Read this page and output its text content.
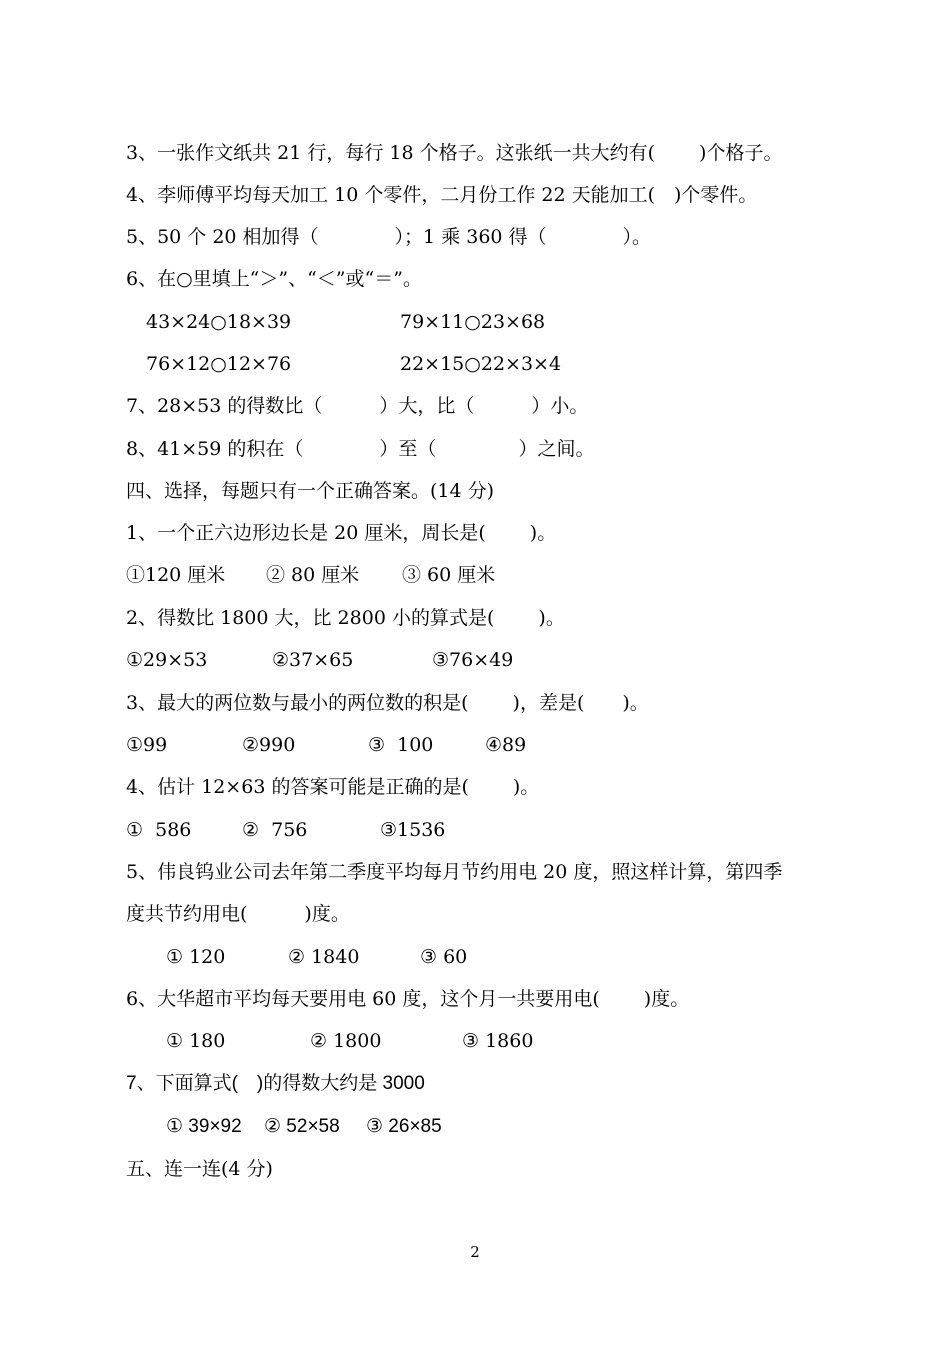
3、一张作文纸共 21 行，每行 18 个格子。这张纸一共大约有(　　 )个格子。
4、李师傅平均每天加工 10 个零件，二月份工作 22 天能加工(　)个零件。
5、50 个 20 相加得（　　　　）；1 乘 360 得（　　　　）。
6、在○里填上“＞”、“＜”或“＝”。
43×24○18×39	79×11○23×68
76×12○12×76	22×15○22×3×4
7、28×53 的得数比（　　　）大，比（　　　）小。
8、41×59 的积在（　　　　）至（　　　　 ）之间。
四、选择，每题只有一个正确答案。(14 分)
1、一个正六边形边长是 20 厘米，周长是(　　 )。
①120 厘米 ② 80 厘米 ③ 60 厘米
2、得数比 1800 大，比 2800 小的算式是(　　 )。
①29×53	②37×65	③76×49
3、最大的两位数与最小的两位数的积是(　　 )，差是(　　)。
①99	②990	③  100	④89
4、估计 12×63 的答案可能是正确的是(　　 )。
①  586	②  756	③1536
5、伟良钨业公司去年第二季度平均每月节约用电 20 度，照这样计算，第四季
度共节约用电(　　　)度。
① 120	② 1840	③ 60
6、大华超市平均每天要用电 60 度，这个月一共要用电(　　 )度。
① 180	② 1800	③ 1860
7、下面算式(　)的得数大约是 3000
① 39×92 ② 52×58 ③ 26×85
五、连一连(4 分)
2
